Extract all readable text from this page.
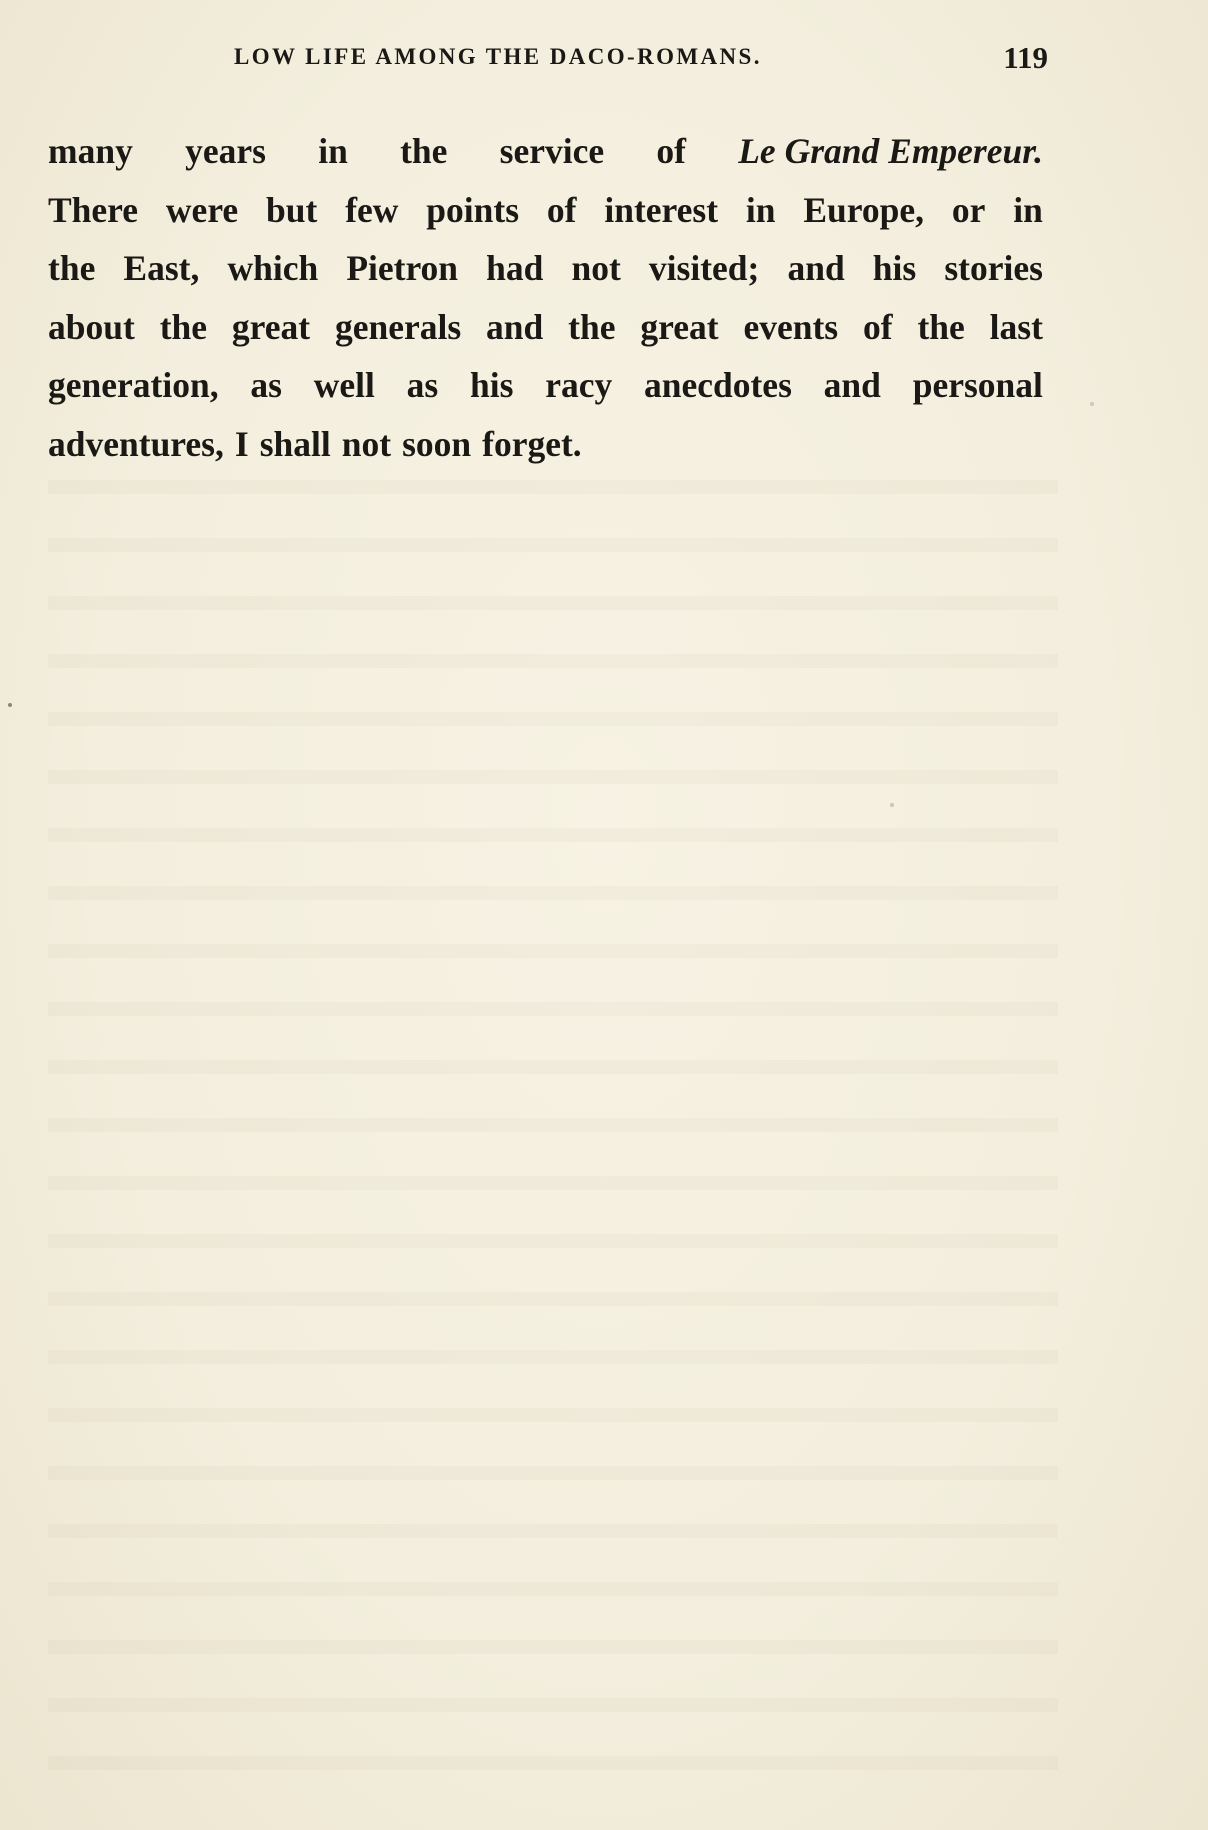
LOW LIFE AMONG THE DACO-ROMANS.	119
many years in the service of Le Grand Empereur.
There were but few points of interest in Europe, or in
the East, which Pietron had not visited; and his stories
about the great generals and the great events of the last
generation, as well as his racy anecdotes and personal
adventures, I shall not soon forget.
